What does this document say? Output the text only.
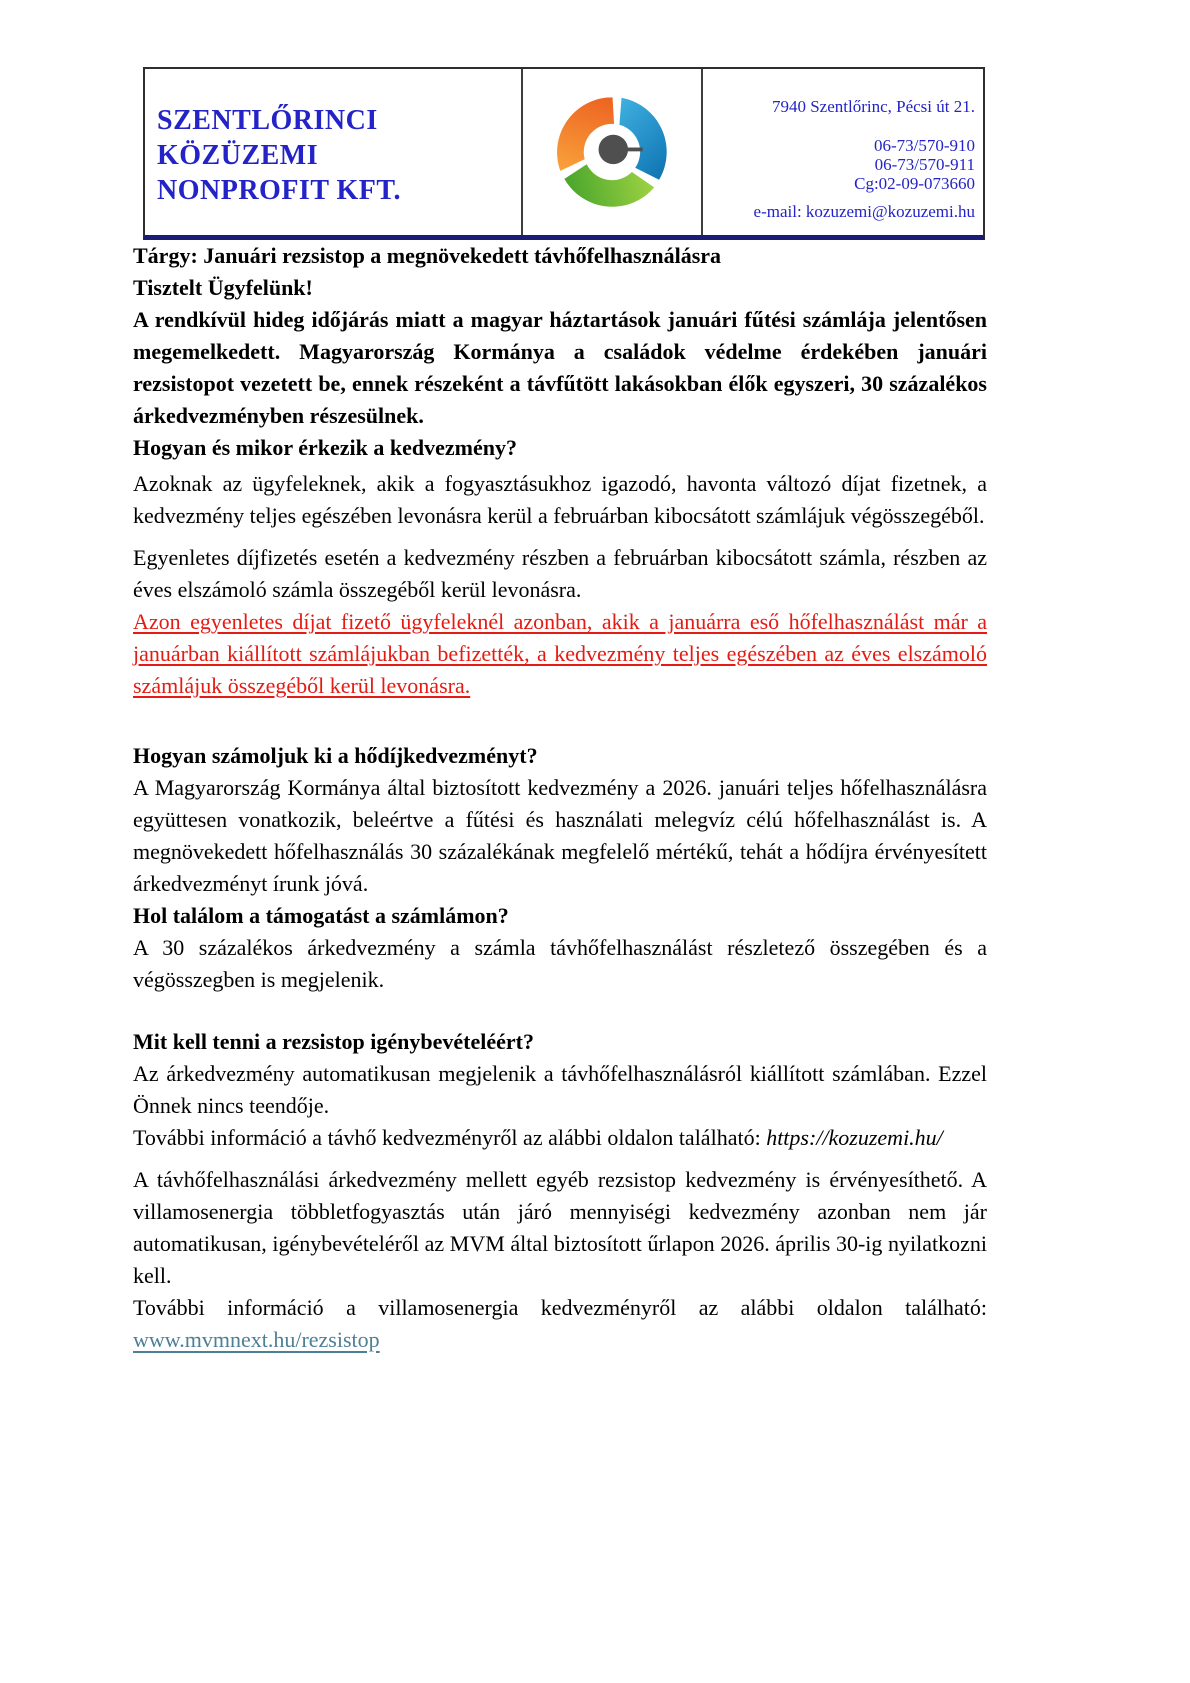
SZENTLŐRINCI
KÖZÜZEMI
NONPROFIT KFT.
7940 Szentlőrinc, Pécsi út 21.
06-73/570-910
06-73/570-911
Cg:02-09-073660
e-mail: kozuzemi@kozuzemi.hu

Tárgy: Januári rezsistop a megnövekedett távhőfelhasználásra

Tisztelt Ügyfelünk!

A rendkívül hideg időjárás miatt a magyar háztartások januári fűtési számlája jelentősen megemelkedett. Magyarország Kormánya a családok védelme érdekében januári rezsistopot vezetett be, ennek részeként a távfűtött lakásokban élők egyszeri, 30 százalékos árkedvezményben részesülnek.

Hogyan és mikor érkezik a kedvezmény?

Azoknak az ügyfeleknek, akik a fogyasztásukhoz igazodó, havonta változó díjat fizetnek, a kedvezmény teljes egészében levonásra kerül a februárban kibocsátott számlájuk végösszegéből.

Egyenletes díjfizetés esetén a kedvezmény részben a februárban kibocsátott számla, részben az éves elszámoló számla összegéből kerül levonásra.

Azon egyenletes díjat fizető ügyfeleknél azonban, akik a januárra eső hőfelhasználást már a januárban kiállított számlájukban befizették, a kedvezmény teljes egészében az éves elszámoló számlájuk összegéből kerül levonásra.

Hogyan számoljuk ki a hődíjkedvezményt?

A Magyarország Kormánya által biztosított kedvezmény a 2026. januári teljes hőfelhasználásra együttesen vonatkozik, beleértve a fűtési és használati melegvíz célú hőfelhasználást is. A megnövekedett hőfelhasználás 30 százalékának megfelelő mértékű, tehát a hődíjra érvényesített árkedvezményt írunk jóvá.

Hol találom a támogatást a számlámon?

A 30 százalékos árkedvezmény a számla távhőfelhasználást részletező összegében és a végösszegben is megjelenik.

Mit kell tenni a rezsistop igénybevételéért?

Az árkedvezmény automatikusan megjelenik a távhőfelhasználásról kiállított számlában. Ezzel Önnek nincs teendője.

További információ a távhő kedvezményről az alábbi oldalon található: https://kozuzemi.hu/

A távhőfelhasználási árkedvezmény mellett egyéb rezsistop kedvezmény is érvényesíthető. A villamosenergia többletfogyasztás után járó mennyiségi kedvezmény azonban nem jár automatikusan, igénybevételéről az MVM által biztosított űrlapon 2026. április 30-ig nyilatkozni kell.

További információ a villamosenergia kedvezményről az alábbi oldalon található: www.mvmnext.hu/rezsistop
